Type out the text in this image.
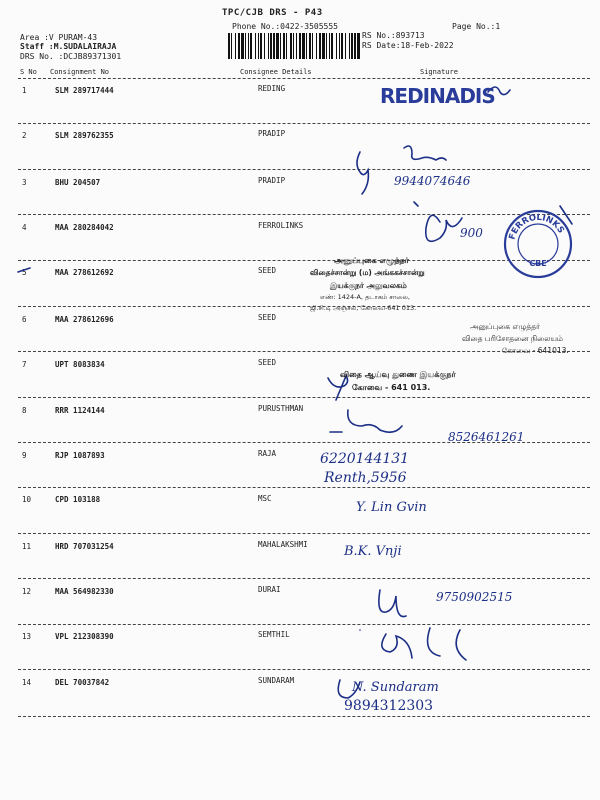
TPC/CJB DRS - P43
Phone No.:0422-3505555	Page No.:1
Area :V PURAM-43
Staff :M.SUDALAIRAJA
DRS No. :DCJB89371301
RS No.:893713
RS Date:18-Feb-2022
S No Consignment No	Consignee Details	Signature
1	SLM 289717444	REDING
2	SLM 289762355	PRADIP
3	BHU 204507	PRADIP
4	MAA 280284042	FERROLINKS
5	MAA 278612692	SEED
6	MAA 278612696	SEED
7	UPT 8083834	SEED
8	RRR 1124144	PURUSTHMAN
9	RJP 1087893	RAJA
10	CPD 103188	MSC
11	HRD 707031254	MAHALAKSHMI
12	MAA 564982330	DURAI
13	VPL 212308390	SEMTHIL
14	DEL 70037842	SUNDARAM
FERROLINKS
CBE
REDINADIS
9944074646
900
அனுப்புகை எழுத்தர்
விதைச்சான்று (ம) அங்ககச்சான்று
இயக்குநர் அலுவலகம்
எண்: 1424-A, தடாகம் சாலை,
ஜி.சி.டி அஞ்சல், கோவை-641 013.
அனுப்புகை எழுத்தர்
விதை பரிசோதனை நிலையம்
கோவை - 641013.
விதை ஆய்வு துணை இயக்குநர்
கோவை - 641 013.
8526461261
6220144131
Renth,5956
Y. Lin Gvin
B.K. Vnji
9750902515
N. Sundaram
9894312303
